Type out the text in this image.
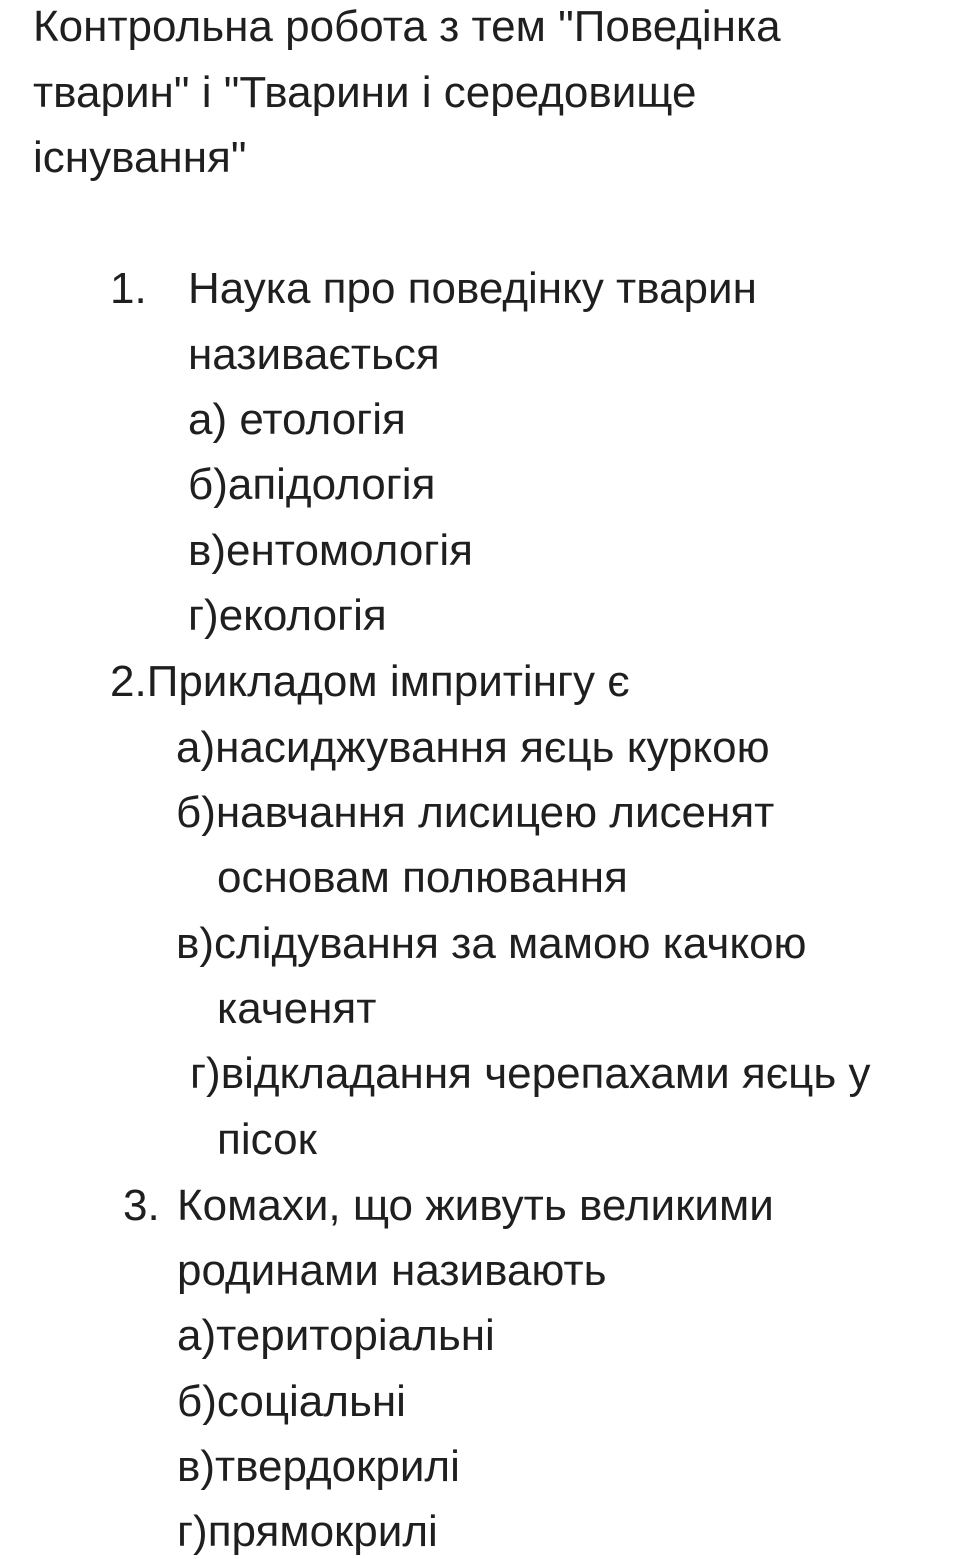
Контрольна робота з тем "Поведінка
тварин" і "Тварини і середовище
існування"
1. Наука про поведінку тварин
називається
а) етологія
б)апідологія
в)ентомологія
г)екологія
2.Прикладом імпритінгу є
а)насиджування яєць куркою
б)навчання лисицею лисенят
основам полювання
в)слідування за мамою качкою
каченят
г)відкладання черепахами яєць у
пісок
3. Комахи, що живуть великими
родинами називають
а)територіальні
б)соціальні
в)твердокрилі
г)прямокрилі
